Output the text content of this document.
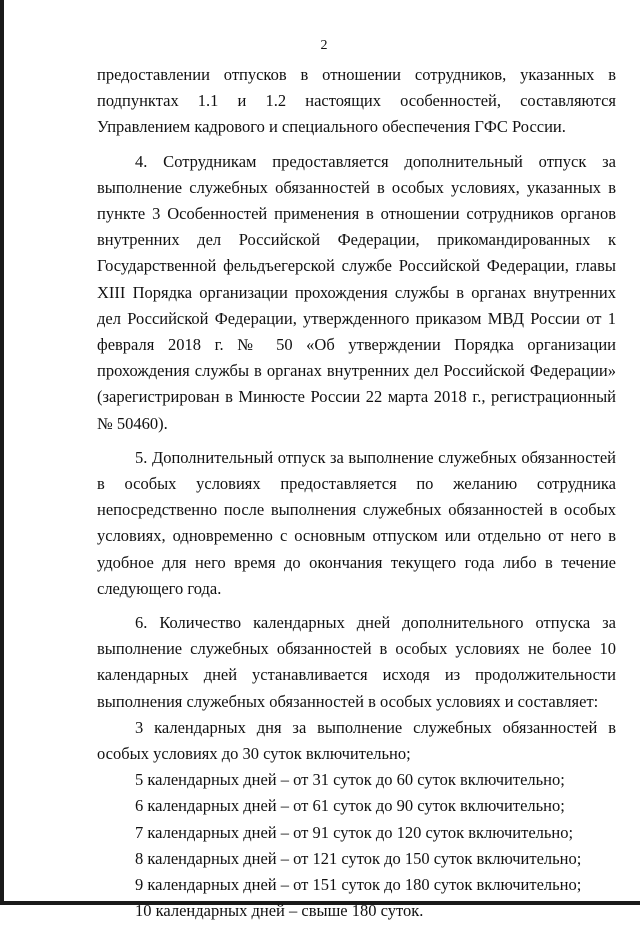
2

предоставлении отпусков в отношении сотрудников, указанных в подпунктах 1.1 и 1.2 настоящих особенностей, составляются Управлением кадрового и специального обеспечения ГФС России.

4. Сотрудникам предоставляется дополнительный отпуск за выполнение служебных обязанностей в особых условиях, указанных в пункте 3 Особенностей применения в отношении сотрудников органов внутренних дел Российской Федерации, прикомандированных к Государственной фельдъегерской службе Российской Федерации, главы XIII Порядка организации прохождения службы в органах внутренних дел Российской Федерации, утвержденного приказом МВД России от 1 февраля 2018 г. № 50 «Об утверждении Порядка организации прохождения службы в органах внутренних дел Российской Федерации» (зарегистрирован в Минюсте России 22 марта 2018 г., регистрационный № 50460).

5. Дополнительный отпуск за выполнение служебных обязанностей в особых условиях предоставляется по желанию сотрудника непосредственно после выполнения служебных обязанностей в особых условиях, одновременно с основным отпуском или отдельно от него в удобное для него время до окончания текущего года либо в течение следующего года.

6. Количество календарных дней дополнительного отпуска за выполнение служебных обязанностей в особых условиях не более 10 календарных дней устанавливается исходя из продолжительности выполнения служебных обязанностей в особых условиях и составляет:

3 календарных дня за выполнение служебных обязанностей в особых условиях до 30 суток включительно;

5 календарных дней – от 31 суток до 60 суток включительно;

6 календарных дней – от 61 суток до 90 суток включительно;

7 календарных дней – от 91 суток до 120 суток включительно;

8 календарных дней – от 121 суток до 150 суток включительно;

9 календарных дней – от 151 суток до 180 суток включительно;

10 календарных дней – свыше 180 суток.
